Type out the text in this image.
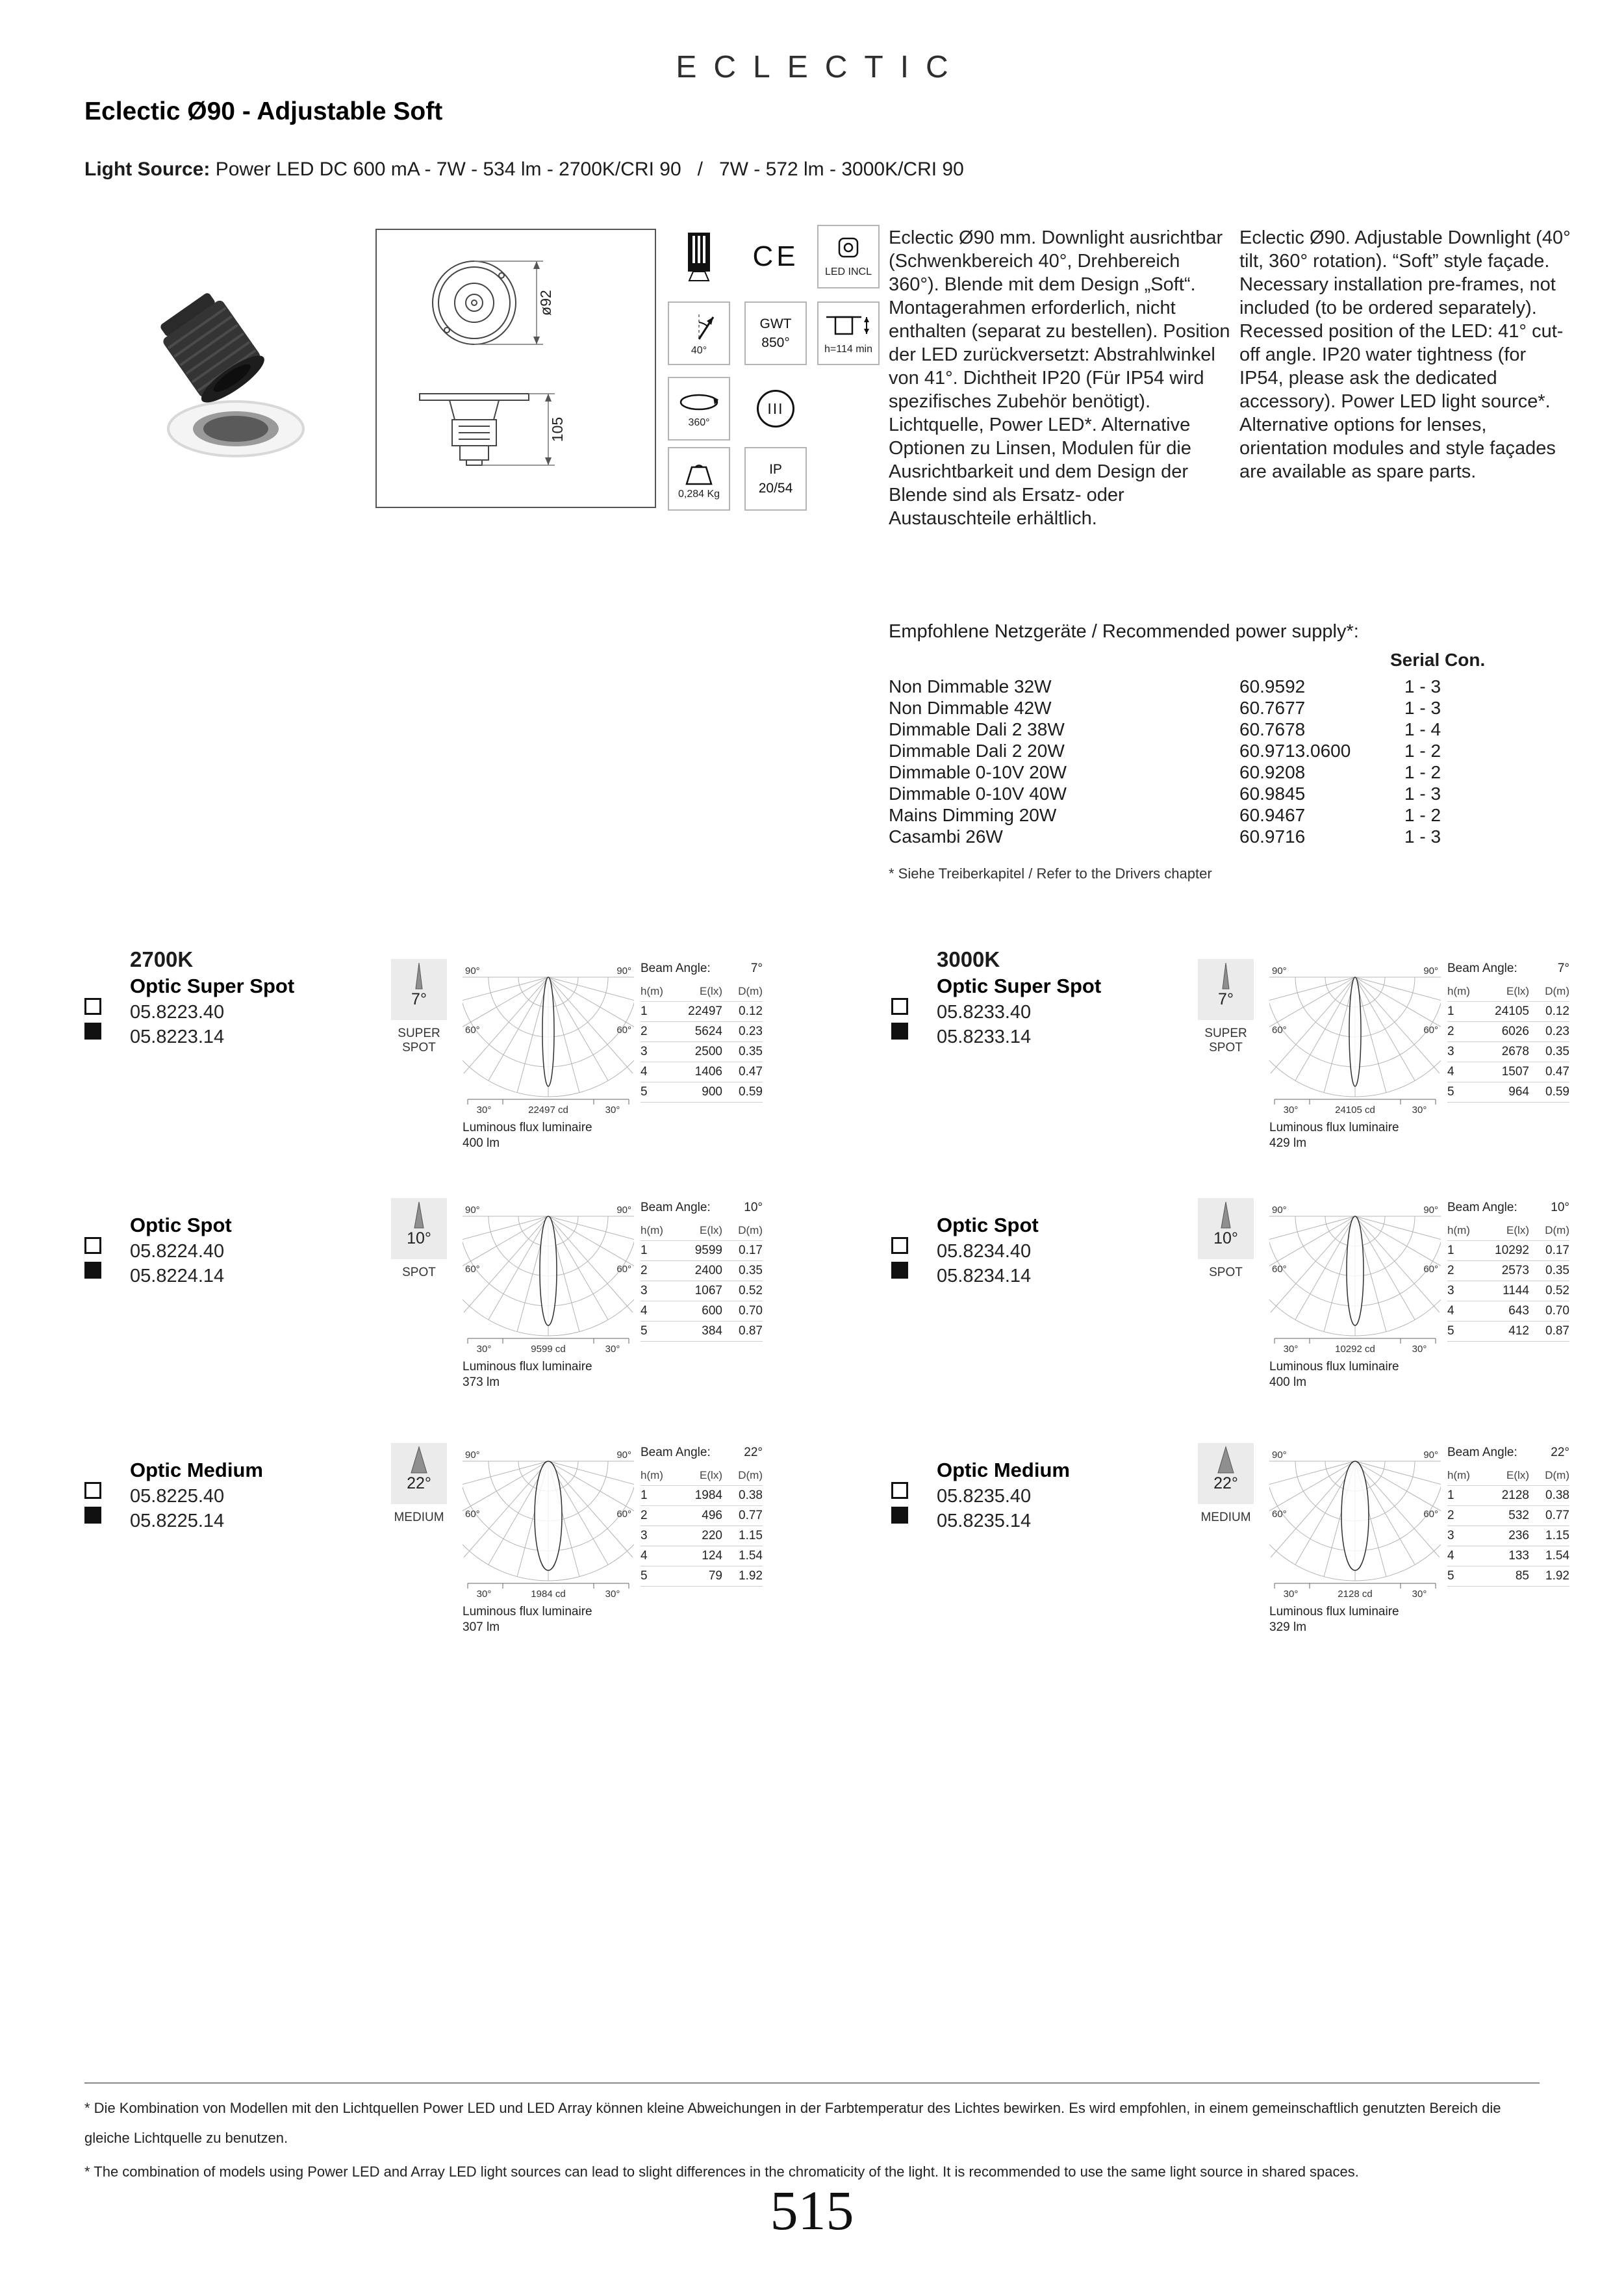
ECLECTIC
Eclectic Ø90 - Adjustable Soft
Light Source: Power LED DC 600 mA - 7W - 534 lm - 2700K/CRI 90   /   7W - 572 lm - 3000K/CRI 90
ø92
105
CE	LED INCL
40°
GWT
850°	h=114 min
360°
III
0,284 Kg
IP
20/54
Eclectic Ø90 mm. Downlight ausrichtbar (Schwenkbereich 40°, Drehbereich 360°). Blende mit dem Design „Soft“. Montagerahmen erforderlich, nicht enthalten (separat zu bestellen). Position der LED zurückversetzt: Abstrahlwinkel von 41°. Dichtheit IP20 (Für IP54 wird spezifisches Zubehör benötigt). Lichtquelle, Power LED*. Alternative Optionen zu Linsen, Modulen für die Ausrichtbarkeit und dem Design der Blende sind als Ersatz- oder Austauschteile erhältlich.
Eclectic Ø90. Adjustable Downlight (40° tilt, 360° rotation). “Soft” style façade. Necessary installation pre-frames, not included (to be ordered separately). Recessed position of the LED: 41° cut-off angle. IP20 water tightness (for IP54, please ask the dedicated accessory). Power LED light source*. Alternative options for lenses, orientation modules and style façades are available as spare parts.
Empfohlene Netzgeräte / Recommended power supply*:
Serial Con.
Non Dimmable 32W	60.9592	1 - 3
Non Dimmable 42W	60.7677	1 - 3
Dimmable Dali 2 38W	60.7678	1 - 4
Dimmable Dali 2 20W	60.9713.0600	1 - 2
Dimmable 0-10V 20W	60.9208	1 - 2
Dimmable 0-10V 40W	60.9845	1 - 3
Mains Dimming 20W	60.9467	1 - 2
Casambi 26W	60.9716	1 - 3
* Siehe Treiberkapitel / Refer to the Drivers chapter
2700K	3000K
Optic Super Spot
05.8223.40
05.8223.14
7°
SUPER SPOT
90°	90°
60°	60°
30°	30°
22497 cd
Luminous flux luminaire
400 lm
Beam Angle:	7°
h(m)	E(lx)	D(m)
1	22497	0.12
2	5624	0.23
3	2500	0.35
4	1406	0.47
5	900	0.59
Optic Super Spot
05.8233.40
05.8233.14
7°
SUPER SPOT
90°	90°
60°	60°
30°	30°
24105 cd
Luminous flux luminaire
429 lm
Beam Angle:	7°
h(m)	E(lx)	D(m)
1	24105	0.12
2	6026	0.23
3	2678	0.35
4	1507	0.47
5	964	0.59
Optic Spot
05.8224.40
05.8224.14
10°
SPOT
90°	90°
60°	60°
30°	30°
9599 cd
Luminous flux luminaire
373 lm
Beam Angle:	10°
h(m)	E(lx)	D(m)
1	9599	0.17
2	2400	0.35
3	1067	0.52
4	600	0.70
5	384	0.87
Optic Spot
05.8234.40
05.8234.14
10°
SPOT
90°	90°
60°	60°
30°	30°
10292 cd
Luminous flux luminaire
400 lm
Beam Angle:	10°
h(m)	E(lx)	D(m)
1	10292	0.17
2	2573	0.35
3	1144	0.52
4	643	0.70
5	412	0.87
Optic Medium
05.8225.40
05.8225.14
22°
MEDIUM
90°	90°
60°	60°
30°	30°
1984 cd
Luminous flux luminaire
307 lm
Beam Angle:	22°
h(m)	E(lx)	D(m)
1	1984	0.38
2	496	0.77
3	220	1.15
4	124	1.54
5	79	1.92
Optic Medium
05.8235.40
05.8235.14
22°
MEDIUM
90°	90°
60°	60°
30°	30°
2128 cd
Luminous flux luminaire
329 lm
Beam Angle:	22°
h(m)	E(lx)	D(m)
1	2128	0.38
2	532	0.77
3	236	1.15
4	133	1.54
5	85	1.92
* Die Kombination von Modellen mit den Lichtquellen Power LED und LED Array können kleine Abweichungen in der Farbtemperatur des Lichtes bewirken. Es wird empfohlen, in einem gemeinschaftlich genutzten Bereich die gleiche Lichtquelle zu benutzen.
* The combination of models using Power LED and Array LED light sources can lead to slight differences in the chromaticity of the light. It is recommended to use the same light source in shared spaces.
515
